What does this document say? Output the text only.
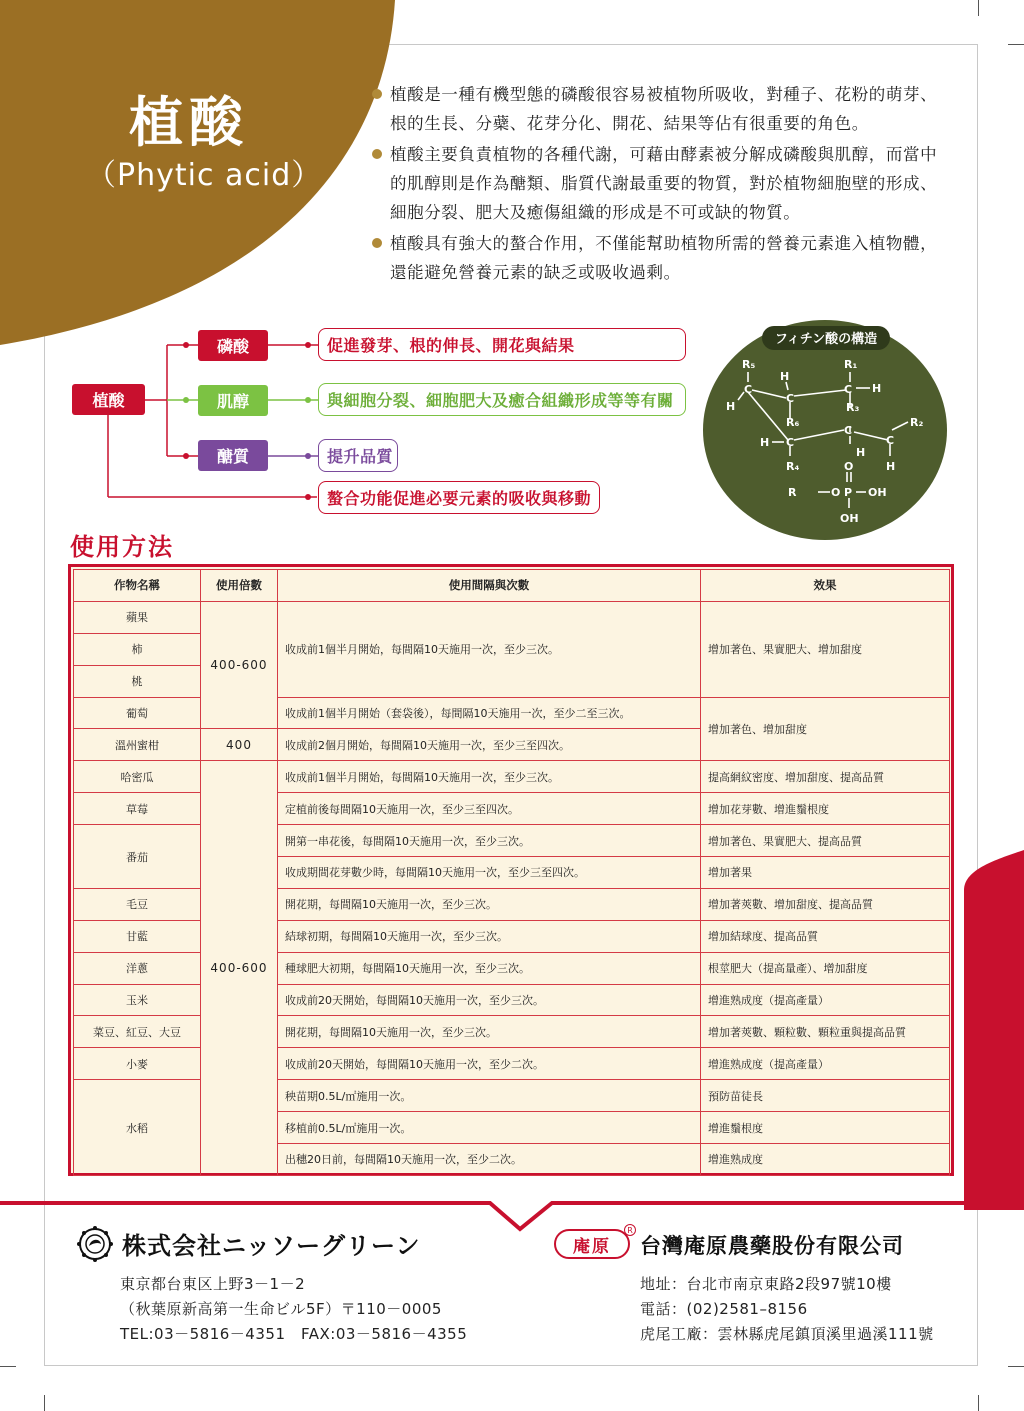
植酸
（Phytic acid）
植酸是一種有機型態的磷酸很容易被植物所吸收，對種子、花粉的萌芽、根的生長、分蘗、花芽分化、開花、結果等佔有很重要的角色。
植酸主要負責植物的各種代謝，可藉由酵素被分解成磷酸與肌醇，而當中的肌醇則是作為醣類、脂質代謝最重要的物質，對於植物細胞壁的形成、細胞分裂、肥大及癒傷組織的形成是不可或缺的物質。
植酸具有強大的螯合作用，不僅能幫助植物所需的營養元素進入植物體，還能避免營養元素的缺乏或吸收過剩。
植酸
磷酸
肌醇
醣質
促進發芽、根的伸長、開花與結果
與細胞分裂、細胞肥大及癒合組織形成等等有關
提升品質
螯合功能促進必要元素的吸收與移動
フィチン酸の構造
R₅	R₁
H
C
C
C H
H
R₆
R₃
R₂
H C
C
C
H
R₄	O	H
R	O P OH
OH
使用方法
作物名稱	使用倍數	使用間隔與次數	效果
蘋果	400-600	收成前1個半月開始，每間隔10天施用一次，至少三次。	增加著色、果實肥大、增加甜度
柿			
桃			
葡萄		收成前1個半月開始（套袋後），每間隔10天施用一次，至少二至三次。	增加著色、增加甜度
溫州蜜柑	400	收成前2個月開始，每間隔10天施用一次，至少三至四次。	
哈密瓜	400-600	收成前1個半月開始，每間隔10天施用一次，至少三次。	提高網紋密度、增加甜度、提高品質
草莓		定植前後每間隔10天施用一次，至少三至四次。	增加花芽數、增進鬚根度
番茄		開第一串花後，每間隔10天施用一次，至少三次。	增加著色、果實肥大、提高品質
		收成期間花芽數少時，每間隔10天施用一次，至少三至四次。	增加著果
毛豆		開花期，每間隔10天施用一次，至少三次。	增加著莢數、增加甜度、提高品質
甘藍		結球初期，每間隔10天施用一次，至少三次。	增加結球度、提高品質
洋蔥		種球肥大初期，每間隔10天施用一次，至少三次。	根莖肥大（提高量產）、增加甜度
玉米		收成前20天開始，每間隔10天施用一次，至少三次。	增進熟成度（提高產量）
菜豆、紅豆、大豆		開花期，每間隔10天施用一次，至少三次。	增加著莢數、顆粒數、顆粒重與提高品質
小麥		收成前20天開始，每間隔10天施用一次，至少二次。	增進熟成度（提高產量）
水稻		秧苗期0.5L/㎡施用一次。	預防苗徒長
		移植前0.5L/㎡施用一次。	增進鬚根度
		出穗20日前，每間隔10天施用一次，至少二次。	增進熟成度
株式会社ニッソーグリーン	庵原
R
台灣庵原農藥股份有限公司
東京都台東区上野3－1－2
（秋葉原新高第一生命ビル5F）〒110－0005
TEL:03－5816－4351　FAX:03－5816－4355
地址：台北市南京東路2段97號10樓
電話：(02)2581–8156
虎尾工廠：雲林縣虎尾鎮頂溪里過溪111號
